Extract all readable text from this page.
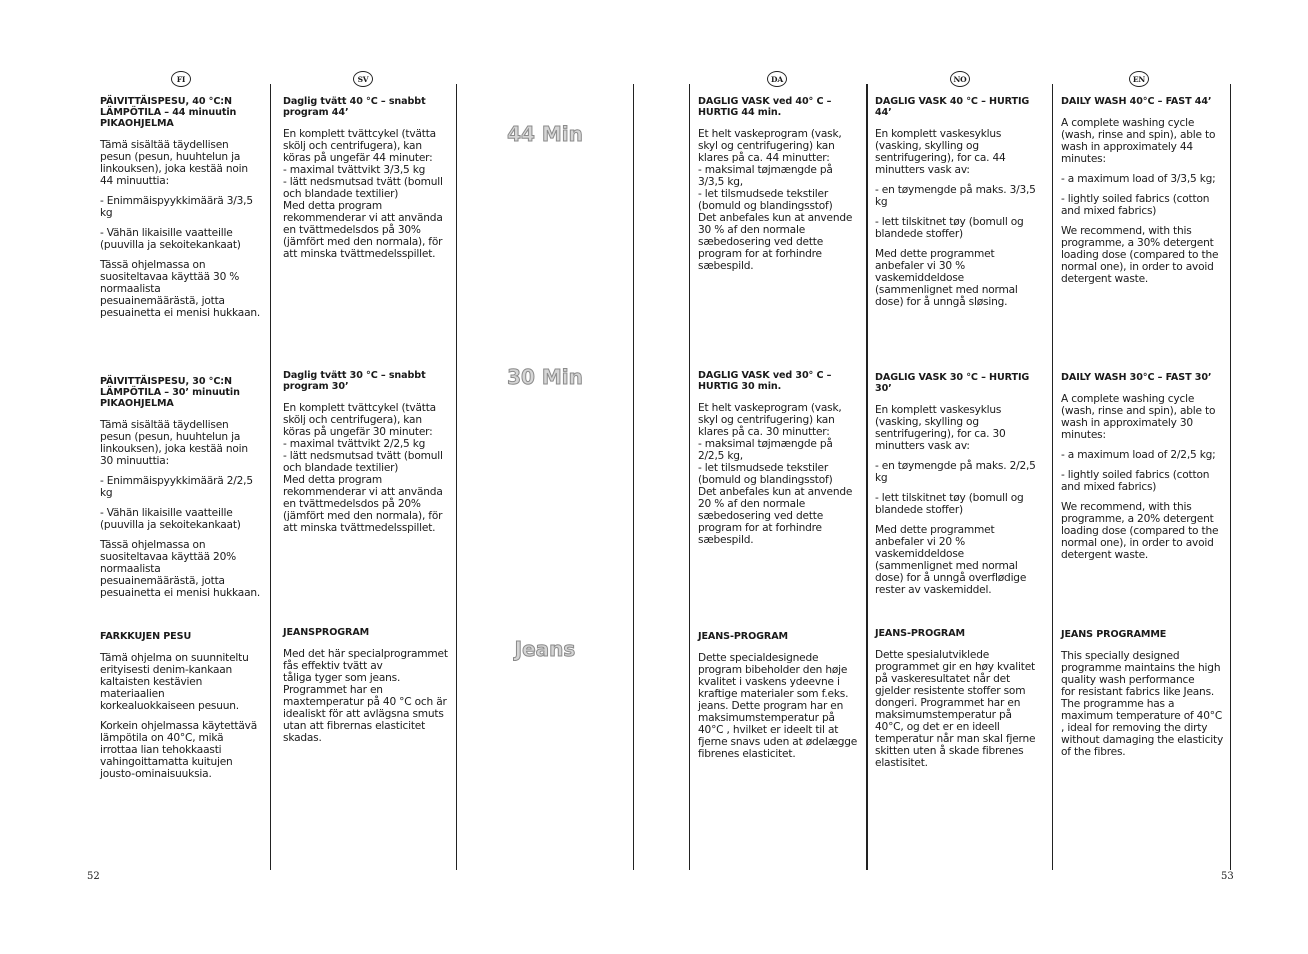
FI	SV	DA	NO	EN
44 Min
30 Min
Jeans
PÄIVITTÄISPESU, 40 °C:N LÄMPÖTILA – 44 minuutin PIKAOHJELMA
Tämä sisältää täydellisen pesun (pesun, huuhtelun ja linkouksen), joka kestää noin 44 minuuttia:
- Enimmäispyykkimäärä 3/3,5 kg
- Vähän likaisille vaatteille (puuvilla ja sekoitekankaat)
Tässä ohjelmassa on suositeltavaa käyttää 30 % normaalista pesuainemäärästä, jotta pesuainetta ei menisi hukkaan.
PÄIVITTÄISPESU, 30 °C:N LÄMPÖTILA – 30’ minuutin PIKAOHJELMA
Tämä sisältää täydellisen pesun (pesun, huuhtelun ja linkouksen), joka kestää noin 30 minuuttia:
- Enimmäispyykkimäärä 2/2,5 kg
- Vähän likaisille vaatteille (puuvilla ja sekoitekankaat)
Tässä ohjelmassa on suositeltavaa käyttää 20% normaalista pesuainemäärästä, jotta pesuainetta ei menisi hukkaan.
FARKKUJEN PESU
Tämä ohjelma on suunniteltu erityisesti denim-kankaan kaltaisten kestävien materiaalien korkealuokkaiseen pesuun.
Korkein ohjelmassa käytettävä lämpötila on 40°C, mikä irrottaa lian tehokkaasti vahingoittamatta kuitujen jousto-ominaisuuksia.
Daglig tvätt 40 °C – snabbt program 44’
En komplett tvättcykel (tvätta skölj och centrifugera), kan köras på ungefär 44 minuter:
- maximal tvättvikt 3/3,5 kg
- lätt nedsmutsad tvätt (bomull och blandade textilier)
Med detta program rekommenderar vi att använda en tvättmedelsdos på 30% (jämfört med den normala), för att minska tvättmedelsspillet.
Daglig tvätt 30 °C – snabbt program 30’
En komplett tvättcykel (tvätta skölj och centrifugera), kan köras på ungefär 30 minuter:
- maximal tvättvikt 2/2,5 kg
- lätt nedsmutsad tvätt (bomull och blandade textilier)
Med detta program rekommenderar vi att använda en tvättmedelsdos på 20% (jämfört med den normala), för att minska tvättmedelsspillet.
JEANSPROGRAM
Med det här specialprogrammet fås effektiv tvätt av
tåliga tyger som jeans.
Programmet har en maxtemperatur på 40 °C och är idealiskt för att avlägsna smuts utan att fibrernas elasticitet skadas.
DAGLIG VASK ved 40° C – HURTIG 44 min.
Et helt vaskeprogram (vask, skyl og centrifugering) kan klares på ca. 44 minutter:
- maksimal tøjmængde på 3/3,5 kg,
- let tilsmudsede tekstiler (bomuld og blandingsstof)
Det anbefales kun at anvende 30 % af den normale sæbedosering ved dette program for at forhindre sæbespild.
DAGLIG VASK ved 30° C – HURTIG 30 min.
Et helt vaskeprogram (vask, skyl og centrifugering) kan klares på ca. 30 minutter:
- maksimal tøjmængde på 2/2,5 kg,
- let tilsmudsede tekstiler (bomuld og blandingsstof)
Det anbefales kun at anvende 20 % af den normale sæbedosering ved dette program for at forhindre sæbespild.
JEANS-PROGRAM
Dette specialdesignede program bibeholder den høje kvalitet i vaskens ydeevne i kraftige materialer som f.eks. jeans. Dette program har en maksimumstemperatur på 40°C , hvilket er ideelt til at fjerne snavs uden at ødelægge fibrenes elasticitet.
DAGLIG VASK 40 °C – HURTIG 44’
En komplett vaskesyklus (vasking, skylling og sentrifugering), for ca. 44 minutters vask av:
- en tøymengde på maks. 3/3,5 kg
- lett tilskitnet tøy (bomull og blandede stoffer)
Med dette programmet anbefaler vi 30 % vaskemiddeldose (sammenlignet med normal dose) for å unngå sløsing.
DAGLIG VASK 30 °C – HURTIG 30’
En komplett vaskesyklus (vasking, skylling og sentrifugering), for ca. 30 minutters vask av:
- en tøymengde på maks. 2/2,5 kg
- lett tilskitnet tøy (bomull og blandede stoffer)
Med dette programmet anbefaler vi 20 % vaskemiddeldose (sammenlignet med normal dose) for å unngå overflødige rester av vaskemiddel.
JEANS-PROGRAM
Dette spesialutviklede programmet gir en høy kvalitet på vaskeresultatet når det gjelder resistente stoffer som dongeri. Programmet har en maksimumstemperatur på 40°C, og det er en ideell temperatur når man skal fjerne skitten uten å skade fibrenes elastisitet.
DAILY WASH 40°C – FAST 44’
A complete washing cycle (wash, rinse and spin), able to wash in approximately 44 minutes:
- a maximum load of 3/3,5 kg;
- lightly soiled fabrics (cotton and mixed fabrics)
We recommend, with this programme, a 30% detergent loading dose (compared to the normal one), in order to avoid detergent waste.
DAILY WASH 30°C – FAST 30’
A complete washing cycle (wash, rinse and spin), able to wash in approximately 30 minutes:
- a maximum load of 2/2,5 kg;
- lightly soiled fabrics (cotton and mixed fabrics)
We recommend, with this programme, a 20% detergent loading dose (compared to the normal one), in order to avoid detergent waste.
JEANS PROGRAMME
This specially designed programme maintains the high quality wash performance
for resistant fabrics like Jeans.
The programme has a maximum temperature of 40°C , ideal for removing the dirty without damaging the elasticity of the fibres.
52	53
